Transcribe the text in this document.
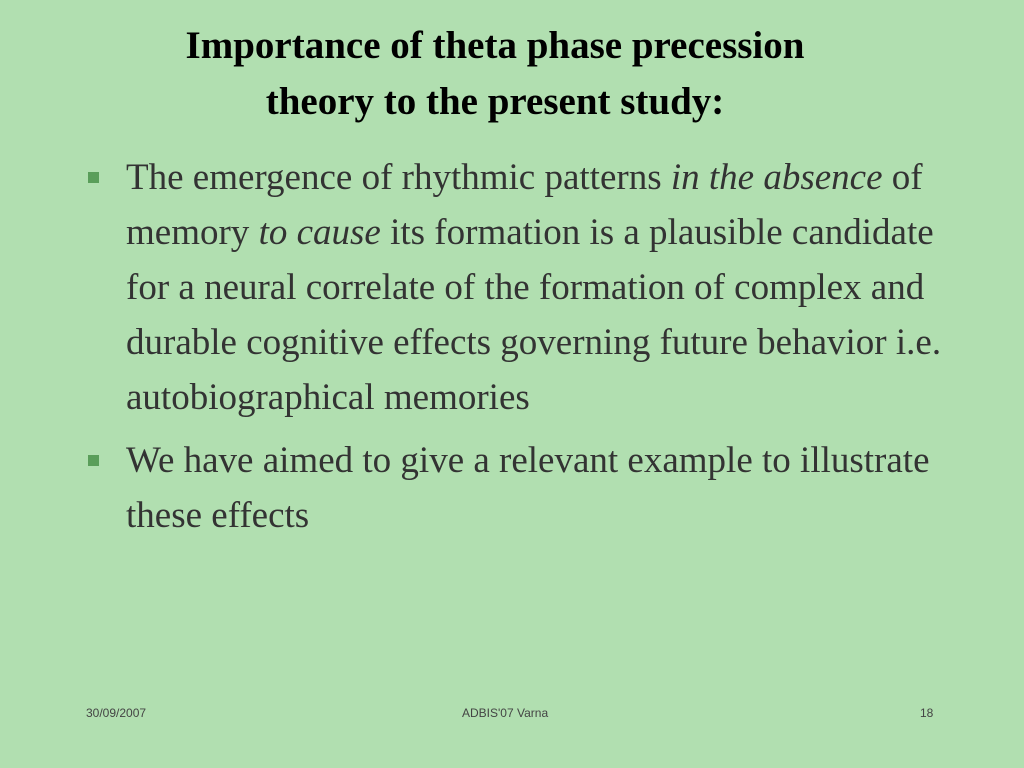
Importance of theta phase precession
theory to the present study:
The emergence of rhythmic patterns in the absence of memory to cause its formation is a plausible candidate for a neural correlate of the formation of complex and durable cognitive effects governing future behavior i.e. autobiographical memories
We have aimed to give a relevant example to illustrate these effects
30/09/2007	ADBIS'07 Varna	18
